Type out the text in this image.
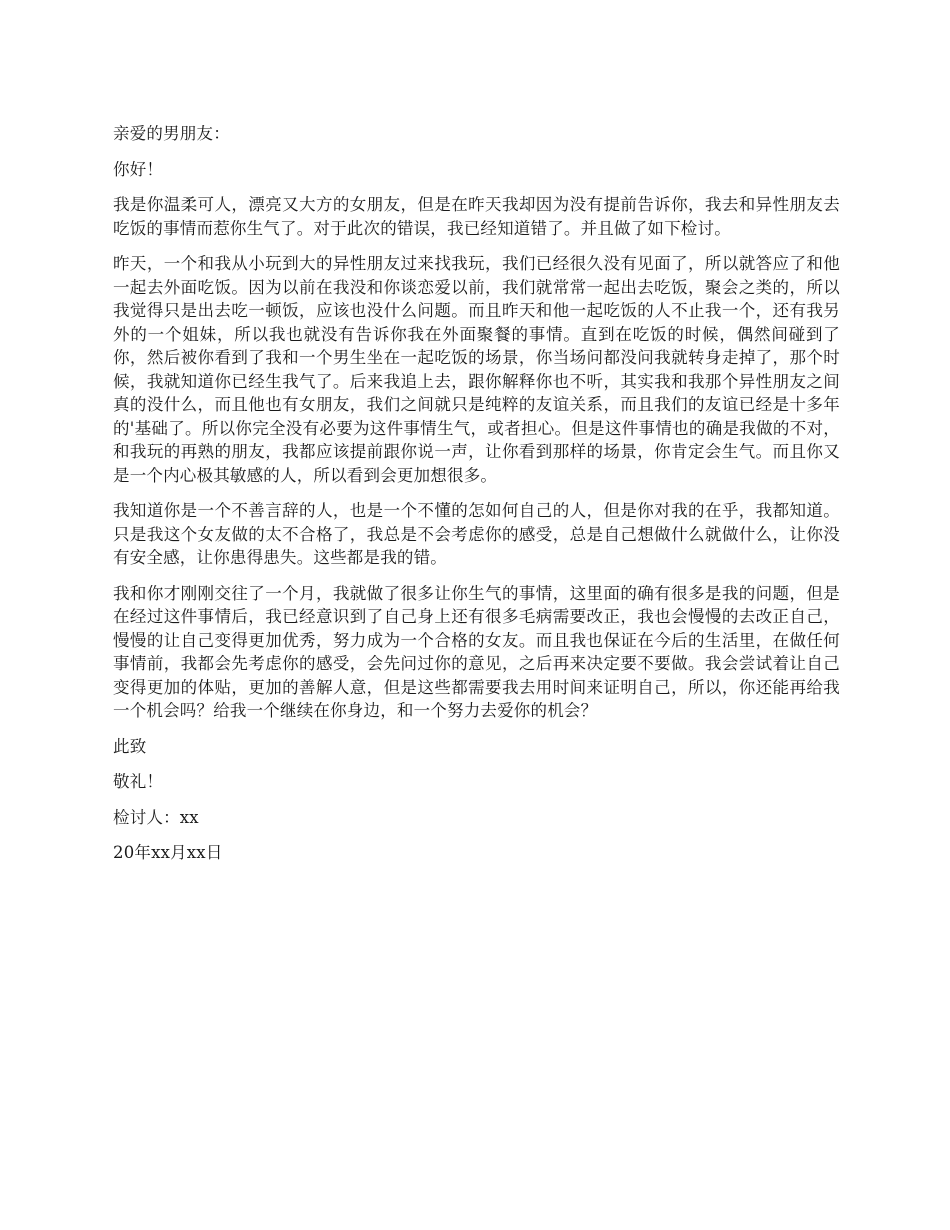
亲爱的男朋友：

你好！

我是你温柔可人，漂亮又大方的女朋友，但是在昨天我却因为没有提前告诉你，我去和异性朋友去吃饭的事情而惹你生气了。对于此次的错误，我已经知道错了。并且做了如下检讨。

昨天，一个和我从小玩到大的异性朋友过来找我玩，我们已经很久没有见面了，所以就答应了和他一起去外面吃饭。因为以前在我没和你谈恋爱以前，我们就常常一起出去吃饭，聚会之类的，所以我觉得只是出去吃一顿饭，应该也没什么问题。而且昨天和他一起吃饭的人不止我一个，还有我另外的一个姐妹，所以我也就没有告诉你我在外面聚餐的事情。直到在吃饭的时候，偶然间碰到了你，然后被你看到了我和一个男生坐在一起吃饭的场景，你当场问都没问我就转身走掉了，那个时候，我就知道你已经生我气了。后来我追上去，跟你解释你也不听，其实我和我那个异性朋友之间真的没什么，而且他也有女朋友，我们之间就只是纯粹的友谊关系，而且我们的友谊已经是十多年的'基础了。所以你完全没有必要为这件事情生气，或者担心。但是这件事情也的确是我做的不对，和我玩的再熟的朋友，我都应该提前跟你说一声，让你看到那样的场景，你肯定会生气。而且你又是一个内心极其敏感的人，所以看到会更加想很多。

我知道你是一个不善言辞的人，也是一个不懂的怎如何自己的人，但是你对我的在乎，我都知道。只是我这个女友做的太不合格了，我总是不会考虑你的感受，总是自己想做什么就做什么，让你没有安全感，让你患得患失。这些都是我的错。

我和你才刚刚交往了一个月，我就做了很多让你生气的事情，这里面的确有很多是我的问题，但是在经过这件事情后，我已经意识到了自己身上还有很多毛病需要改正，我也会慢慢的去改正自己，慢慢的让自己变得更加优秀，努力成为一个合格的女友。而且我也保证在今后的生活里，在做任何事情前，我都会先考虑你的感受，会先问过你的意见，之后再来决定要不要做。我会尝试着让自己变得更加的体贴，更加的善解人意，但是这些都需要我去用时间来证明自己，所以，你还能再给我一个机会吗？给我一个继续在你身边，和一个努力去爱你的机会？

此致

敬礼！

检讨人：xx

20年xx月xx日
